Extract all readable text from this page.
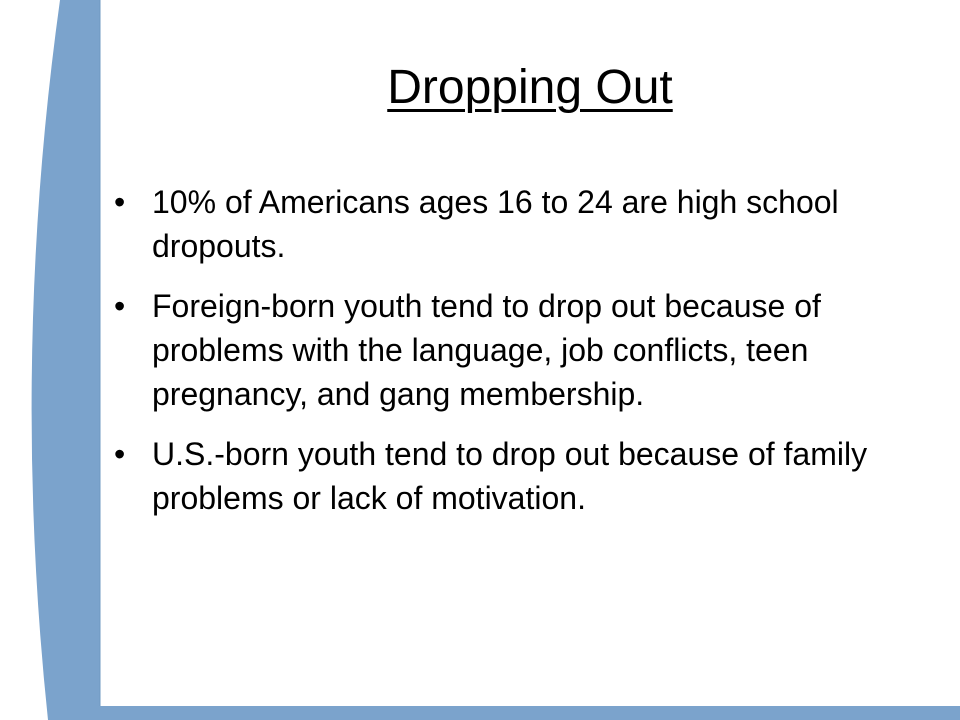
Dropping Out
• 10% of Americans ages 16 to 24 are high school dropouts.
• Foreign-born youth tend to drop out because of problems with the language, job conflicts, teen pregnancy, and gang membership.
• U.S.-born youth tend to drop out because of family problems or lack of motivation.
